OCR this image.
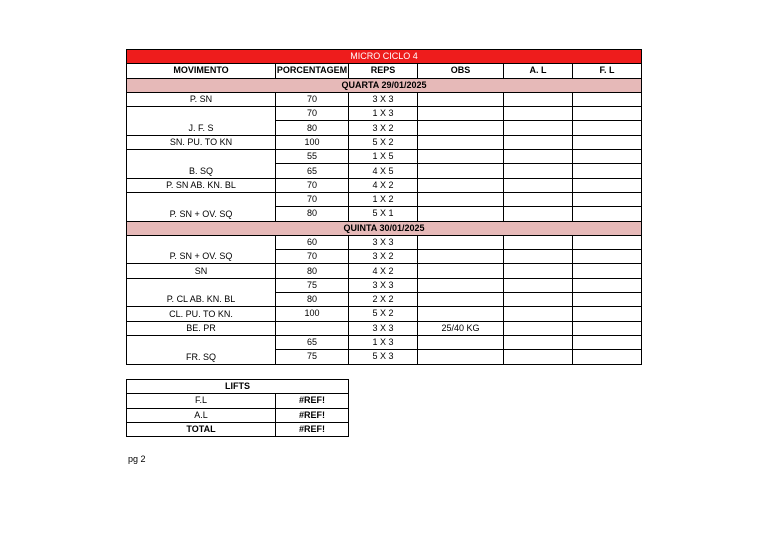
MICRO CICLO 4					
MOVIMENTO	PORCENTAGEM	REPS	OBS	A. L	F. L
QUARTA 29/01/2025					
P. SN	70	3 X 3			
J. F. S	70	1 X 3			
	80	3 X 2			
SN. PU. TO KN	100	5 X 2			
B. SQ	55	1 X 5			
	65	4 X 5			
P. SN AB. KN. BL	70	4 X 2			
P. SN + OV. SQ	70	1 X 2			
	80	5 X 1			
QUINTA 30/01/2025					
P. SN + OV. SQ	60	3 X 3			
	70	3 X 2			
SN	80	4 X 2			
P. CL AB. KN. BL	75	3 X 3			
	80	2 X 2			
CL. PU. TO KN.	100	5 X 2			
BE. PR		3 X 3	25/40 KG		
FR. SQ	65	1 X 3			
	75	5 X 3			
LIFTS	
F.L	#REF!
A.L	#REF!
TOTAL	#REF!
pg 2
